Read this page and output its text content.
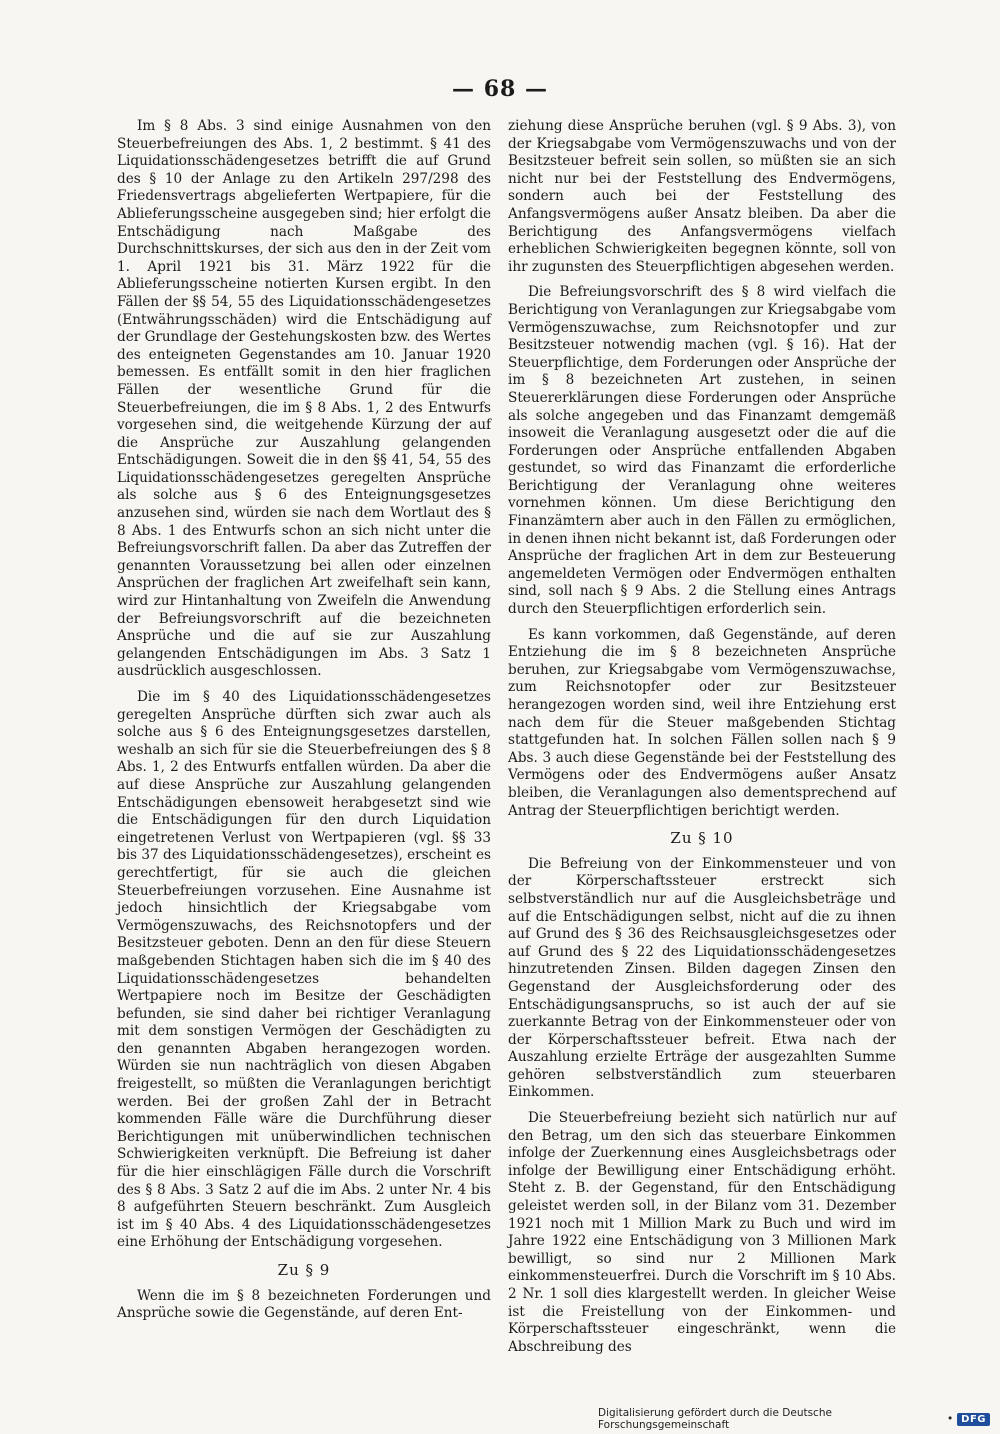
— 68 —

Im § 8 Abs. 3 sind einige Ausnahmen von den Steuerbefreiungen des Abs. 1, 2 bestimmt. § 41 des Liquidationsschädengesetzes betrifft die auf Grund des § 10 der Anlage zu den Artikeln 297/298 des Friedensvertrags abgelieferten Wertpapiere, für die Ablieferungsscheine ausgegeben sind; hier erfolgt die Entschädigung nach Maßgabe des Durchschnittskurses, der sich aus den in der Zeit vom 1. April 1921 bis 31. März 1922 für die Ablieferungsscheine notierten Kursen ergibt. In den Fällen der §§ 54, 55 des Liquidationsschädengesetzes (Entwährungsschäden) wird die Entschädigung auf der Grundlage der Gestehungskosten bzw. des Wertes des enteigneten Gegenstandes am 10. Januar 1920 bemessen. Es entfällt somit in den hier fraglichen Fällen der wesentliche Grund für die Steuerbefreiungen, die im § 8 Abs. 1, 2 des Entwurfs vorgesehen sind, die weitgehende Kürzung der auf die Ansprüche zur Auszahlung gelangenden Entschädigungen. Soweit die in den §§ 41, 54, 55 des Liquidationsschädengesetzes geregelten Ansprüche als solche aus § 6 des Enteignungsgesetzes anzusehen sind, würden sie nach dem Wortlaut des § 8 Abs. 1 des Entwurfs schon an sich nicht unter die Befreiungsvorschrift fallen. Da aber das Zutreffen der genannten Voraussetzung bei allen oder einzelnen Ansprüchen der fraglichen Art zweifelhaft sein kann, wird zur Hintanhaltung von Zweifeln die Anwendung der Befreiungsvorschrift auf die bezeichneten Ansprüche und die auf sie zur Auszahlung gelangenden Entschädigungen im Abs. 3 Satz 1 ausdrücklich ausgeschlossen.

Die im § 40 des Liquidationsschädengesetzes geregelten Ansprüche dürften sich zwar auch als solche aus § 6 des Enteignungsgesetzes darstellen, weshalb an sich für sie die Steuerbefreiungen des § 8 Abs. 1, 2 des Entwurfs entfallen würden. Da aber die auf diese Ansprüche zur Auszahlung gelangenden Entschädigungen ebensoweit herabgesetzt sind wie die Entschädigungen für den durch Liquidation eingetretenen Verlust von Wertpapieren (vgl. §§ 33 bis 37 des Liquidationsschädengesetzes), erscheint es gerechtfertigt, für sie auch die gleichen Steuerbefreiungen vorzusehen. Eine Ausnahme ist jedoch hinsichtlich der Kriegsabgabe vom Vermögenszuwachs, des Reichsnotopfers und der Besitzsteuer geboten. Denn an den für diese Steuern maßgebenden Stichtagen haben sich die im § 40 des Liquidationsschädengesetzes behandelten Wertpapiere noch im Besitze der Geschädigten befunden, sie sind daher bei richtiger Veranlagung mit dem sonstigen Vermögen der Geschädigten zu den genannten Abgaben herangezogen worden. Würden sie nun nachträglich von diesen Abgaben freigestellt, so müßten die Veranlagungen berichtigt werden. Bei der großen Zahl der in Betracht kommenden Fälle wäre die Durchführung dieser Berichtigungen mit unüberwindlichen technischen Schwierigkeiten verknüpft. Die Befreiung ist daher für die hier einschlägigen Fälle durch die Vorschrift des § 8 Abs. 3 Satz 2 auf die im Abs. 2 unter Nr. 4 bis 8 aufgeführten Steuern beschränkt. Zum Ausgleich ist im § 40 Abs. 4 des Liquidationsschädengesetzes eine Erhöhung der Entschädigung vorgesehen.

Zu § 9

Wenn die im § 8 bezeichneten Forderungen und Ansprüche sowie die Gegenstände, auf deren Ent-

ziehung diese Ansprüche beruhen (vgl. § 9 Abs. 3), von der Kriegsabgabe vom Vermögenszuwachs und von der Besitzsteuer befreit sein sollen, so müßten sie an sich nicht nur bei der Feststellung des Endvermögens, sondern auch bei der Feststellung des Anfangsvermögens außer Ansatz bleiben. Da aber die Berichtigung des Anfangsvermögens vielfach erheblichen Schwierigkeiten begegnen könnte, soll von ihr zugunsten des Steuerpflichtigen abgesehen werden.

Die Befreiungsvorschrift des § 8 wird vielfach die Berichtigung von Veranlagungen zur Kriegsabgabe vom Vermögenszuwachse, zum Reichsnotopfer und zur Besitzsteuer notwendig machen (vgl. § 16). Hat der Steuerpflichtige, dem Forderungen oder Ansprüche der im § 8 bezeichneten Art zustehen, in seinen Steuererklärungen diese Forderungen oder Ansprüche als solche angegeben und das Finanzamt demgemäß insoweit die Veranlagung ausgesetzt oder die auf die Forderungen oder Ansprüche entfallenden Abgaben gestundet, so wird das Finanzamt die erforderliche Berichtigung der Veranlagung ohne weiteres vornehmen können. Um diese Berichtigung den Finanzämtern aber auch in den Fällen zu ermöglichen, in denen ihnen nicht bekannt ist, daß Forderungen oder Ansprüche der fraglichen Art in dem zur Besteuerung angemeldeten Vermögen oder Endvermögen enthalten sind, soll nach § 9 Abs. 2 die Stellung eines Antrags durch den Steuerpflichtigen erforderlich sein.

Es kann vorkommen, daß Gegenstände, auf deren Entziehung die im § 8 bezeichneten Ansprüche beruhen, zur Kriegsabgabe vom Vermögenszuwachse, zum Reichsnotopfer oder zur Besitzsteuer herangezogen worden sind, weil ihre Entziehung erst nach dem für die Steuer maßgebenden Stichtag stattgefunden hat. In solchen Fällen sollen nach § 9 Abs. 3 auch diese Gegenstände bei der Feststellung des Vermögens oder des Endvermögens außer Ansatz bleiben, die Veranlagungen also dementsprechend auf Antrag der Steuerpflichtigen berichtigt werden.

Zu § 10

Die Befreiung von der Einkommensteuer und von der Körperschaftssteuer erstreckt sich selbstverständlich nur auf die Ausgleichsbeträge und auf die Entschädigungen selbst, nicht auf die zu ihnen auf Grund des § 36 des Reichsausgleichsgesetzes oder auf Grund des § 22 des Liquidationsschädengesetzes hinzutretenden Zinsen. Bilden dagegen Zinsen den Gegenstand der Ausgleichsforderung oder des Entschädigungsanspruchs, so ist auch der auf sie zuerkannte Betrag von der Einkommensteuer oder von der Körperschaftssteuer befreit. Etwa nach der Auszahlung erzielte Erträge der ausgezahlten Summe gehören selbstverständlich zum steuerbaren Einkommen.

Die Steuerbefreiung bezieht sich natürlich nur auf den Betrag, um den sich das steuerbare Einkommen infolge der Zuerkennung eines Ausgleichsbetrags oder infolge der Bewilligung einer Entschädigung erhöht. Steht z. B. der Gegenstand, für den Entschädigung geleistet werden soll, in der Bilanz vom 31. Dezember 1921 noch mit 1 Million Mark zu Buch und wird im Jahre 1922 eine Entschädigung von 3 Millionen Mark bewilligt, so sind nur 2 Millionen Mark einkommensteuerfrei. Durch die Vorschrift im § 10 Abs. 2 Nr. 1 soll dies klargestellt werden. In gleicher Weise ist die Freistellung von der Einkommen- und Körperschaftssteuer eingeschränkt, wenn die Abschreibung des

Digitalisierung gefördert durch die Deutsche Forschungsgemeinschaft	• DFG
